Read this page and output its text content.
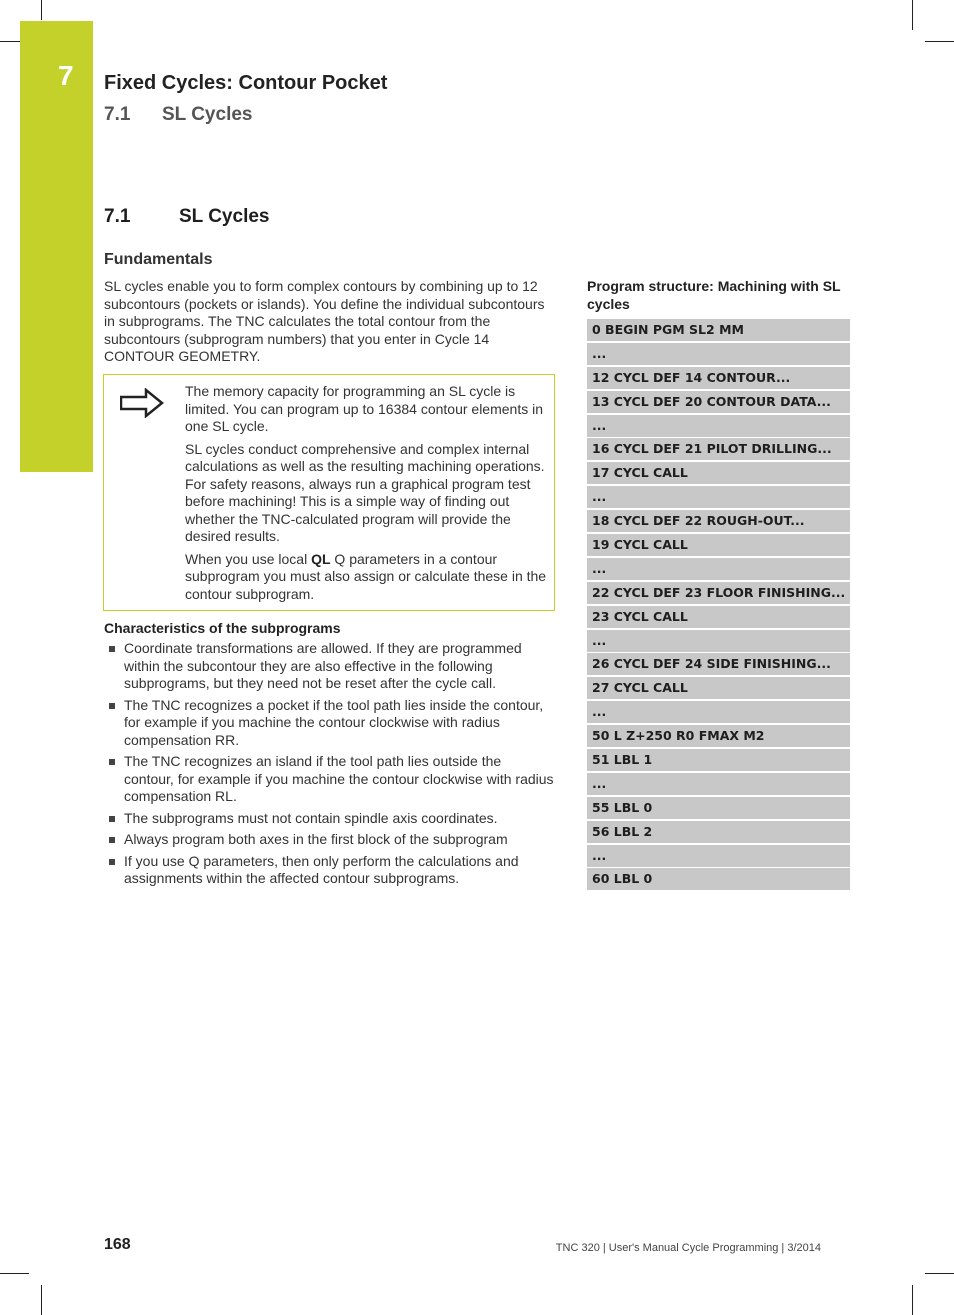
7 Fixed Cycles: Contour Pocket
7.1 SL Cycles
7.1	SL Cycles
Fundamentals
SL cycles enable you to form complex contours by combining up to 12 subcontours (pockets or islands). You define the individual subcontours in subprograms. The TNC calculates the total contour from the subcontours (subprogram numbers) that you enter in Cycle 14 CONTOUR GEOMETRY.

The memory capacity for programming an SL cycle is limited. You can program up to 16384 contour elements in one SL cycle.

SL cycles conduct comprehensive and complex internal calculations as well as the resulting machining operations. For safety reasons, always run a graphical program test before machining! This is a simple way of finding out whether the TNC-calculated program will provide the desired results.

When you use local QL Q parameters in a contour subprogram you must also assign or calculate these in the contour subprogram.

Characteristics of the subprograms
Coordinate transformations are allowed. If they are programmed within the subcontour they are also effective in the following subprograms, but they need not be reset after the cycle call.
The TNC recognizes a pocket if the tool path lies inside the contour, for example if you machine the contour clockwise with radius compensation RR.
The TNC recognizes an island if the tool path lies outside the contour, for example if you machine the contour clockwise with radius compensation RL.
The subprograms must not contain spindle axis coordinates.
Always program both axes in the first block of the subprogram
If you use Q parameters, then only perform the calculations and assignments within the affected contour subprograms.
Program structure: Machining with SL cycles
0 BEGIN PGM SL2 MM
...
12 CYCL DEF 14 CONTOUR...
13 CYCL DEF 20 CONTOUR DATA...
...
16 CYCL DEF 21 PILOT DRILLING...
17 CYCL CALL
...
18 CYCL DEF 22 ROUGH-OUT...
19 CYCL CALL
...
22 CYCL DEF 23 FLOOR FINISHING...
23 CYCL CALL
...
26 CYCL DEF 24 SIDE FINISHING...
27 CYCL CALL
...
50 L Z+250 R0 FMAX M2
51 LBL 1
...
55 LBL 0
56 LBL 2
...
60 LBL 0
168	TNC 320 | User's Manual Cycle Programming | 3/2014
